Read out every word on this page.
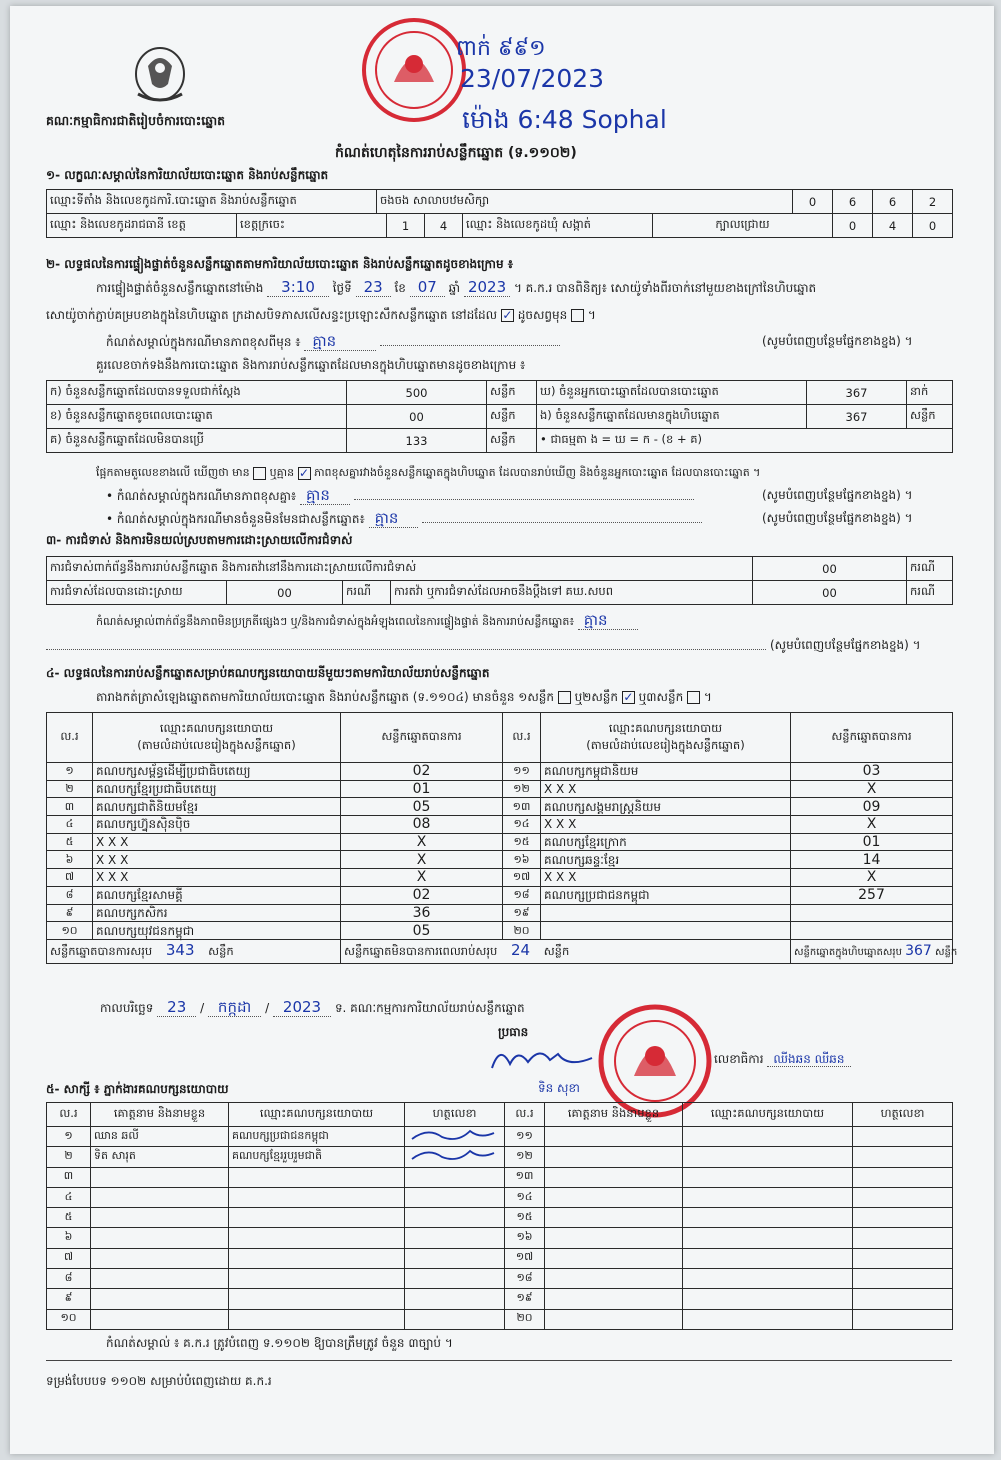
គណៈកម្មាធិការជាតិរៀបចំការបោះឆ្នោត
ពាក់ ៩៩១
23/07/2023
ម៉ោង 6:48 Sophal
កំណត់ហេតុនៃការរាប់សន្លឹកឆ្នោត (ទ.១១០២)
១- លក្ខណៈសម្គាល់នៃការិយាល័យបោះឆ្នោត និងរាប់សន្លឹកឆ្នោត
ឈ្មោះទីតាំង និងលេខកូដការិ.បោះឆ្នោត និងរាប់សន្លឹកឆ្នោត	ចងចង សាលាបឋមសិក្សា	0	6	6	2
ឈ្មោះ និងលេខកូដរាជធានី ខេត្ត	ខេត្តក្រចេះ	1	4	ឈ្មោះ និងលេខកូដឃុំ សង្កាត់	ក្បាលជ្រោយ	0	4	0
២- លទ្ធផលនៃការផ្ទៀងផ្ទាត់ចំនួនសន្លឹកឆ្នោតតាមការិយាល័យបោះឆ្នោត និងរាប់សន្លឹកឆ្នោតដូចខាងក្រោម ៖
ការផ្ទៀងផ្ទាត់ចំនួនសន្លឹកឆ្នោតនៅម៉ោង 3:10 ថ្ងៃទី 23 ខែ 07 ឆ្នាំ 2023 ។ គ.ក.រ បានពិនិត្យ៖ សោយ៉ូទាំងពីរចាក់នៅមួយខាងក្រៅនៃហិបឆ្នោត
សោយ៉ូចាក់ភ្ជាប់គម្របខាងក្នុងនៃហិបឆ្នោត ក្រដាសបិទភាសលើសន្ទះប្រឡោះសឹកសន្លឹកឆ្នោត នៅដដែល ✓ ដូចសព្វមុន ។
កំណត់សម្គាល់ក្នុងករណីមានភាពខុសពីមុន ៖ គ្មាន	(សូមបំពេញបន្ថែមផ្នែកខាងខ្នង) ។
គួរលេខចាក់ទងនឹងការបោះឆ្នោត និងការរាប់សន្លឹកឆ្នោតដែលមានក្នុងហិបឆ្នោតមានដូចខាងក្រោម ៖
ក) ចំនួនសន្លឹកឆ្នោតដែលបានទទួលជាក់ស្តែង	500	សន្លឹក	ឃ) ចំនួនអ្នកបោះឆ្នោតដែលបានបោះឆ្នោត	367	នាក់
ខ) ចំនួនសន្លឹកឆ្នោតខូចពេលបោះឆ្នោត	00	សន្លឹក	ង) ចំនួនសន្លឹកឆ្នោតដែលមានក្នុងហិបឆ្នោត	367	សន្លឹក
គ) ចំនួនសន្លឹកឆ្នោតដែលមិនបានប្រើ	133	សន្លឹក	• ជាធម្មតា ង = ឃ = ក - (ខ + គ)		
ផ្អែកតាមតួលេខខាងលើ ឃើញថា មាន ឬគ្មាន ✓ ភាពខុសគ្នារវាងចំនួនសន្លឹកឆ្នោតក្នុងហិបឆ្នោត ដែលបានរាប់ឃើញ និងចំនួនអ្នកបោះឆ្នោត ដែលបានបោះឆ្នោត ។
• កំណត់សម្គាល់ក្នុងករណីមានភាពខុសគ្នា៖ គ្មាន	(សូមបំពេញបន្ថែមផ្នែកខាងខ្នង) ។
• កំណត់សម្គាល់ក្នុងករណីមានចំនួនមិនមែនជាសន្លឹកឆ្នោត៖ គ្មាន	(សូមបំពេញបន្ថែមផ្នែកខាងខ្នង) ។
៣- ការជំទាស់ និងការមិនយល់ស្របតាមការដោះស្រាយលើការជំទាស់
ការជំទាស់ពាក់ព័ន្ធនឹងការរាប់សន្លឹកឆ្នោត និងការតវ៉ានៅនឹងការដោះស្រាយលើការជំទាស់				00	ករណី
ការជំទាស់ដែលបានដោះស្រាយ	00	ករណី	ការតវ៉ា ឬការជំទាស់ដែលអាចនឹងប្តឹងទៅ គឃ.សបព	00	ករណី
កំណត់សម្គាល់ពាក់ព័ន្ធនឹងភាពមិនប្រក្រតីផ្សេងៗ ឬ/និងការជំទាស់ក្នុងអំឡុងពេលនៃការផ្ទៀងផ្ទាត់ និងការរាប់សន្លឹកឆ្នោត៖ គ្មាន
(សូមបំពេញបន្ថែមផ្នែកខាងខ្នង) ។
៤- លទ្ធផលនៃការរាប់សន្លឹកឆ្នោតសម្រាប់គណបក្សនយោបាយនីមួយៗតាមការិយាល័យរាប់សន្លឹកឆ្នោត
តារាងកត់ត្រាសំឡេងឆ្នោតតាមការិយាល័យបោះឆ្នោត និងរាប់សន្លឹកឆ្នោត (ទ.១១០៤) មានចំនួន ១សន្លឹក ឬ២សន្លឹក ✓ ឬ៣សន្លឹក ។
ល.រ	ឈ្មោះគណបក្សនយោបាយ
(តាមលំដាប់លេខរៀងក្នុងសន្លឹកឆ្នោត)	សន្លឹកឆ្នោតបានការ	ល.រ	ឈ្មោះគណបក្សនយោបាយ
(តាមលំដាប់លេខរៀងក្នុងសន្លឹកឆ្នោត)	សន្លឹកឆ្នោតបានការ
១	គណបក្សសម្ព័ន្ធដើម្បីប្រជាធិបតេយ្យ	02	១១	គណបក្សកម្ពុជានិយម	03
២	គណបក្សខ្មែរប្រជាធិបតេយ្យ	01	១២	X X X	X
៣	គណបក្សជាតិនិយមខ្មែរ	05	១៣	គណបក្សសង្គមរាស្ត្រនិយម	09
៤	គណបក្សហ្វ៊ុនស៊ិនប៉ិច	08	១៤	X X X	X
៥	X X X	X	១៥	គណបក្សខ្មែរក្រោក	01
៦	X X X	X	១៦	គណបក្សឆន្ទៈខ្មែរ	14
៧	X X X	X	១៧	X X X	X
៨	គណបក្សខ្មែរសាមគ្គី	02	១៨	គណបក្សប្រជាជនកម្ពុជា	257
៩	គណបក្សកសិករ	36	១៩		
១០	គណបក្សយុវជនកម្ពុជា	05	២០		
សន្លឹកឆ្នោតបានការសរុប 343 សន្លឹក		សន្លឹកឆ្នោតមិនបានការពេលរាប់សរុប 24 សន្លឹក			សន្លឹកឆ្នោតក្នុងហិបឆ្នោតសរុប 367 សន្លឹក
កាលបរិច្ឆេទ 23 / កក្កដា / 2023 ទ. គណៈកម្មការការិយាល័យរាប់សន្លឹកឆ្នោត
ប្រធាន
ទិន សុខា
លេខាធិការ ឈីងឆន ឈីឆន
៥- សាក្សី ៖ ភ្នាក់ងារគណបក្សនយោបាយ
ល.រ	គោត្តនាម និងនាមខ្លួន	ឈ្មោះគណបក្សនយោបាយ	ហត្ថលេខា	ល.រ	គោត្តនាម និងនាមខ្លួន	ឈ្មោះគណបក្សនយោបាយ	ហត្ថលេខា
១	ឈាន ឆលី	គណបក្សប្រជាជនកម្ពុជា		១១			
២	ទិត សារុត	គណបក្សខ្មែររួបរួមជាតិ		១២			
៣				១៣			
៤				១៤			
៥				១៥			
៦				១៦			
៧				១៧			
៨				១៨			
៩				១៩			
១០				២០			
កំណត់សម្គាល់ ៖ គ.ក.រ ត្រូវបំពេញ ទ.១១០២ ឱ្យបានត្រឹមត្រូវ ចំនួន ៣ច្បាប់ ។
ទម្រង់បែបបទ ១១០២ សម្រាប់បំពេញដោយ គ.ក.រ
